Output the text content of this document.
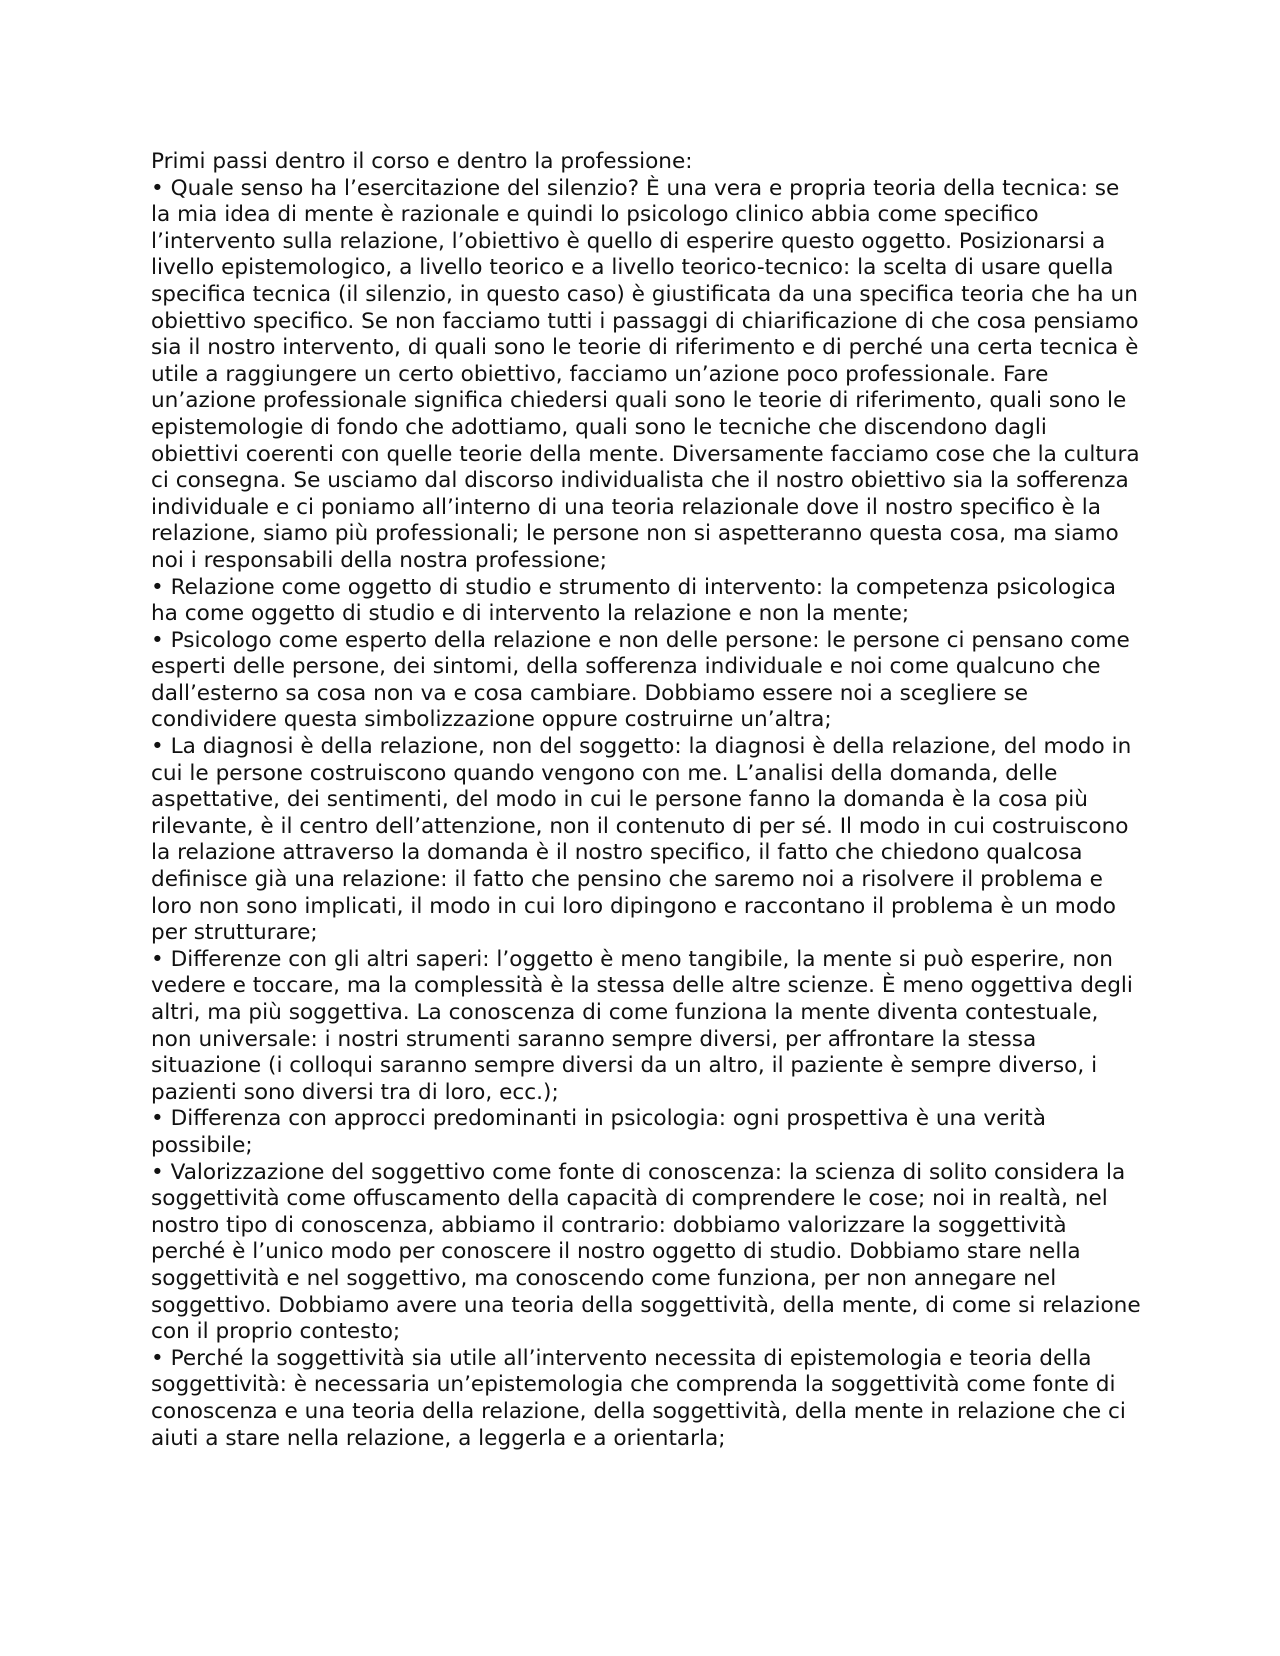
Primi passi dentro il corso e dentro la professione:

• Quale senso ha l’esercitazione del silenzio? È una vera e propria teoria della tecnica: se la mia idea di mente è razionale e quindi lo psicologo clinico abbia come specifico l’intervento sulla relazione, l’obiettivo è quello di esperire questo oggetto. Posizionarsi a livello epistemologico, a livello teorico e a livello teorico-tecnico: la scelta di usare quella specifica tecnica (il silenzio, in questo caso) è giustificata da una specifica teoria che ha un obiettivo specifico. Se non facciamo tutti i passaggi di chiarificazione di che cosa pensiamo sia il nostro intervento, di quali sono le teorie di riferimento e di perché una certa tecnica è utile a raggiungere un certo obiettivo, facciamo un’azione poco professionale. Fare un’azione professionale significa chiedersi quali sono le teorie di riferimento, quali sono le epistemologie di fondo che adottiamo, quali sono le tecniche che discendono dagli obiettivi coerenti con quelle teorie della mente. Diversamente facciamo cose che la cultura ci consegna. Se usciamo dal discorso individualista che il nostro obiettivo sia la sofferenza individuale e ci poniamo all’interno di una teoria relazionale dove il nostro specifico è la relazione, siamo più professionali; le persone non si aspetteranno questa cosa, ma siamo noi i responsabili della nostra professione;

• Relazione come oggetto di studio e strumento di intervento: la competenza psicologica ha come oggetto di studio e di intervento la relazione e non la mente;

• Psicologo come esperto della relazione e non delle persone: le persone ci pensano come esperti delle persone, dei sintomi, della sofferenza individuale e noi come qualcuno che dall’esterno sa cosa non va e cosa cambiare. Dobbiamo essere noi a scegliere se condividere questa simbolizzazione oppure costruirne un’altra;

• La diagnosi è della relazione, non del soggetto: la diagnosi è della relazione, del modo in cui le persone costruiscono quando vengono con me. L’analisi della domanda, delle aspettative, dei sentimenti, del modo in cui le persone fanno la domanda è la cosa più rilevante, è il centro dell’attenzione, non il contenuto di per sé. Il modo in cui costruiscono la relazione attraverso la domanda è il nostro specifico, il fatto che chiedono qualcosa definisce già una relazione: il fatto che pensino che saremo noi a risolvere il problema e loro non sono implicati, il modo in cui loro dipingono e raccontano il problema è un modo per strutturare;

• Differenze con gli altri saperi: l’oggetto è meno tangibile, la mente si può esperire, non vedere e toccare, ma la complessità è la stessa delle altre scienze. È meno oggettiva degli altri, ma più soggettiva. La conoscenza di come funziona la mente diventa contestuale, non universale: i nostri strumenti saranno sempre diversi, per affrontare la stessa situazione (i colloqui saranno sempre diversi da un altro, il paziente è sempre diverso, i pazienti sono diversi tra di loro, ecc.);

• Differenza con approcci predominanti in psicologia: ogni prospettiva è una verità possibile;

• Valorizzazione del soggettivo come fonte di conoscenza: la scienza di solito considera la soggettività come offuscamento della capacità di comprendere le cose; noi in realtà, nel nostro tipo di conoscenza, abbiamo il contrario: dobbiamo valorizzare la soggettività perché è l’unico modo per conoscere il nostro oggetto di studio. Dobbiamo stare nella soggettività e nel soggettivo, ma conoscendo come funziona, per non annegare nel soggettivo. Dobbiamo avere una teoria della soggettività, della mente, di come si relazione con il proprio contesto;

• Perché la soggettività sia utile all’intervento necessita di epistemologia e teoria della soggettività: è necessaria un’epistemologia che comprenda la soggettività come fonte di conoscenza e una teoria della relazione, della soggettività, della mente in relazione che ci aiuti a stare nella relazione, a leggerla e a orientarla;
